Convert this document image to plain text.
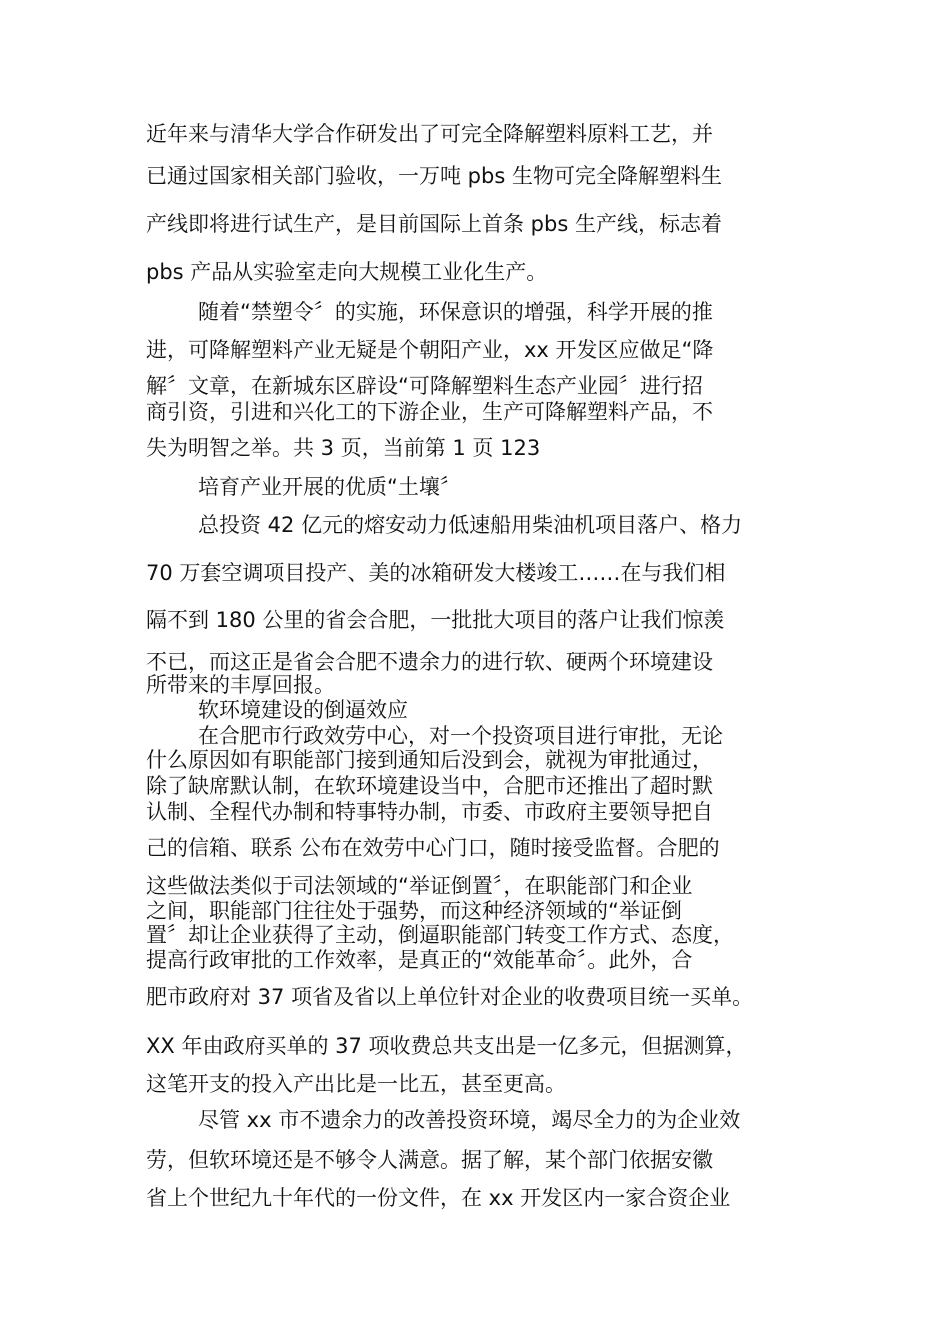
近年来与清华大学合作研发出了可完全降解塑料原料工艺，并
已通过国家相关部门验收，一万吨 pbs 生物可完全降解塑料生
产线即将进行试生产，是目前国际上首条 pbs 生产线，标志着
pbs 产品从实验室走向大规模工业化生产。
随着“禁塑令〞的实施，环保意识的增强，科学开展的推
进，可降解塑料产业无疑是个朝阳产业，xx 开发区应做足“降
解〞文章，在新城东区辟设“可降解塑料生态产业园〞进行招
商引资，引进和兴化工的下游企业，生产可降解塑料产品，不
失为明智之举。共 3 页，当前第 1 页 123
培育产业开展的优质“土壤〞
总投资 42 亿元的熔安动力低速船用柴油机项目落户、格力
70 万套空调项目投产、美的冰箱研发大楼竣工……在与我们相
隔不到 180 公里的省会合肥，一批批大项目的落户让我们惊羡
不已，而这正是省会合肥不遗余力的进行软、硬两个环境建设
所带来的丰厚回报。
软环境建设的倒逼效应
在合肥市行政效劳中心，对一个投资项目进行审批，无论
什么原因如有职能部门接到通知后没到会，就视为审批通过，
除了缺席默认制，在软环境建设当中，合肥市还推出了超时默
认制、全程代办制和特事特办制，市委、市政府主要领导把自
己的信箱、联系 公布在效劳中心门口，随时接受监督。合肥的
这些做法类似于司法领域的“举证倒置〞，在职能部门和企业
之间，职能部门往往处于强势，而这种经济领域的“举证倒
置〞却让企业获得了主动，倒逼职能部门转变工作方式、态度，
提高行政审批的工作效率，是真正的“效能革命〞。此外，合
肥市政府对 37 项省及省以上单位针对企业的收费项目统一买单。
XX 年由政府买单的 37 项收费总共支出是一亿多元，但据测算，
这笔开支的投入产出比是一比五，甚至更高。
尽管 xx 市不遗余力的改善投资环境，竭尽全力的为企业效
劳，但软环境还是不够令人满意。据了解，某个部门依据安徽
省上个世纪九十年代的一份文件，在 xx 开发区内一家合资企业
